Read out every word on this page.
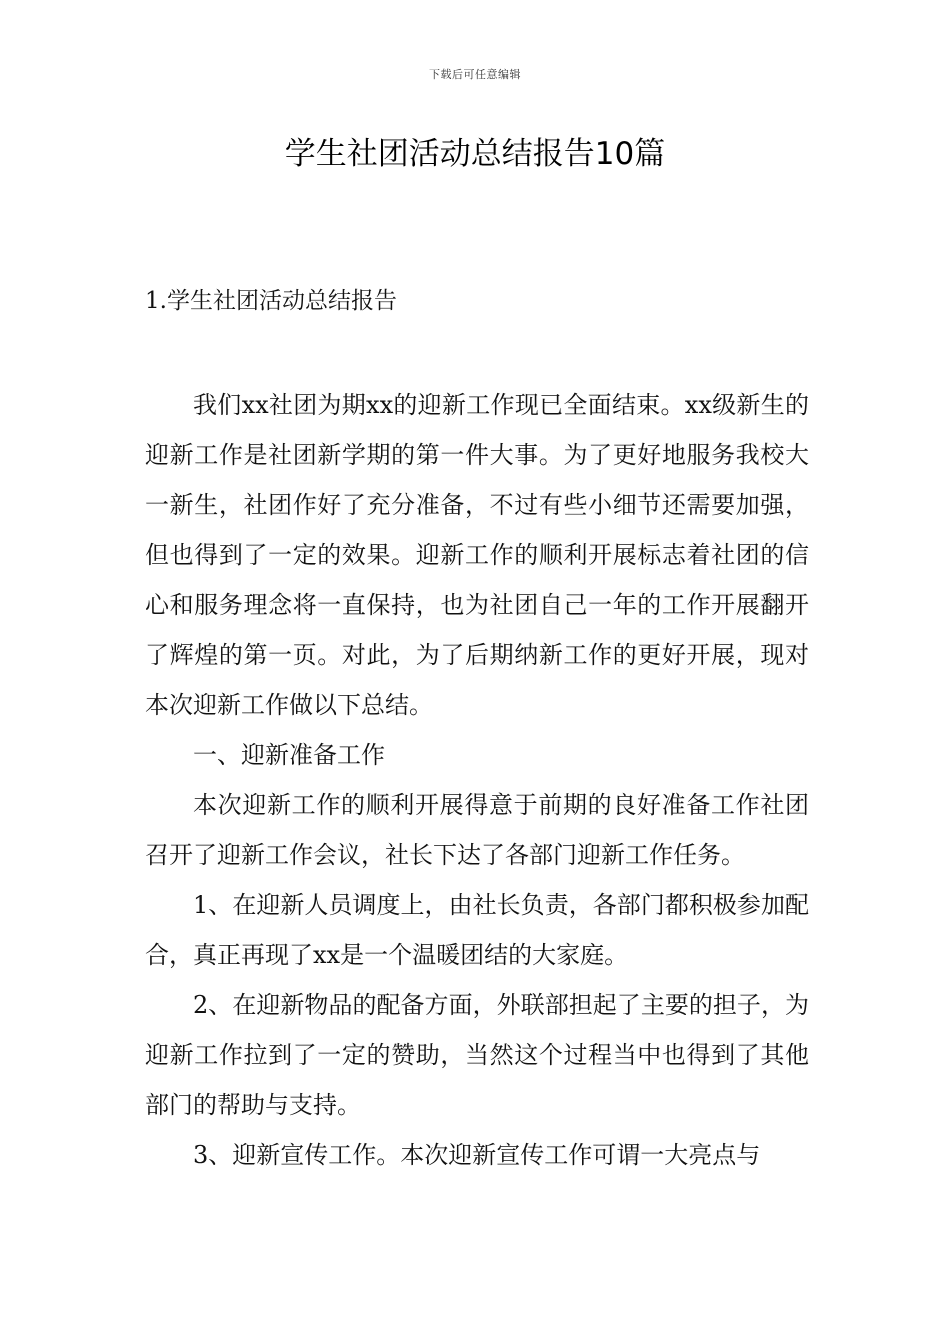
下载后可任意编辑
学生社团活动总结报告10篇
1.学生社团活动总结报告

我们xx社团为期xx的迎新工作现已全面结束。xx级新生的迎新工作是社团新学期的第一件大事。为了更好地服务我校大一新生，社团作好了充分准备，不过有些小细节还需要加强，但也得到了一定的效果。迎新工作的顺利开展标志着社团的信心和服务理念将一直保持，也为社团自己一年的工作开展翻开了辉煌的第一页。对此，为了后期纳新工作的更好开展，现对本次迎新工作做以下总结。

一、迎新准备工作

本次迎新工作的顺利开展得意于前期的良好准备工作社团召开了迎新工作会议，社长下达了各部门迎新工作任务。

1、在迎新人员调度上，由社长负责，各部门都积极参加配合，真正再现了xx是一个温暖团结的大家庭。

2、在迎新物品的配备方面，外联部担起了主要的担子，为迎新工作拉到了一定的赞助，当然这个过程当中也得到了其他部门的帮助与支持。

3、迎新宣传工作。本次迎新宣传工作可谓一大亮点与
